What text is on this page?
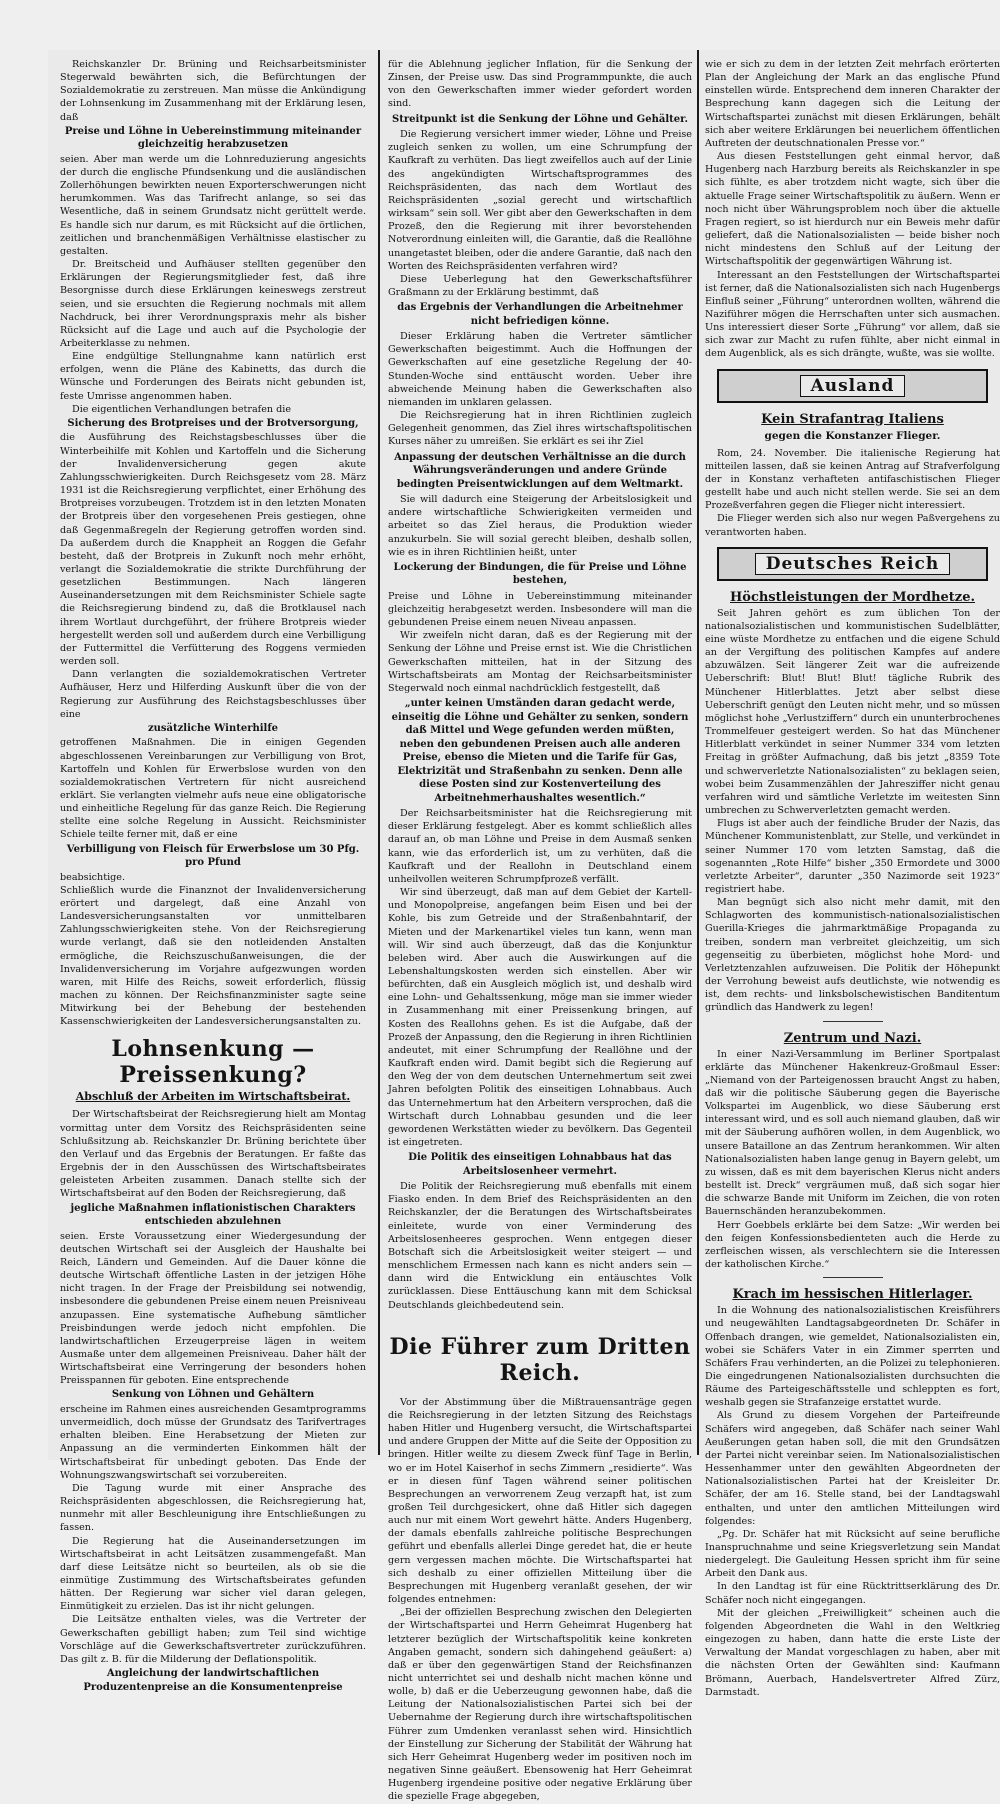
Reichskanzler Dr. Brüning und Reichsarbeitsminister Stegerwald bewährten sich, die Befürchtungen der Sozialdemokratie zu zerstreuen. Man müsse die Ankündigung der Lohnsenkung im Zusammenhang mit der Erklärung lesen, daß

Preise und Löhne in Uebereinstimmung miteinander gleichzeitig herabzusetzen

seien. Aber man werde um die Lohnreduzierung angesichts der durch die englische Pfundsenkung und die ausländischen Zollerhöhungen bewirkten neuen Exporterschwerungen nicht herumkommen. Was das Tarifrecht anlange, so sei das Wesentliche, daß in seinem Grundsatz nicht gerüttelt werde. Es handle sich nur darum, es mit Rücksicht auf die örtlichen, zeitlichen und branchenmäßigen Verhältnisse elastischer zu gestalten.

Dr. Breitscheid und Aufhäuser stellten gegenüber den Erklärungen der Regierungsmitglieder fest, daß ihre Besorgnisse durch diese Erklärungen keineswegs zerstreut seien, und sie ersuchten die Regierung nochmals mit allem Nachdruck, bei ihrer Verordnungspraxis mehr als bisher Rücksicht auf die Lage und auch auf die Psychologie der Arbeiterklasse zu nehmen.

Eine endgültige Stellungnahme kann natürlich erst erfolgen, wenn die Pläne des Kabinetts, das durch die Wünsche und Forderungen des Beirats nicht gebunden ist, feste Umrisse angenommen haben.

Die eigentlichen Verhandlungen betrafen die

Sicherung des Brotpreises und der Brotversorgung,

die Ausführung des Reichstagsbeschlusses über die Winterbeihilfe mit Kohlen und Kartoffeln und die Sicherung der Invalidenversicherung gegen akute Zahlungsschwierigkeiten. Durch Reichsgesetz vom 28. März 1931 ist die Reichsregierung verpflichtet, einer Erhöhung des Brotpreises vorzubeugen. Trotzdem ist in den letzten Monaten der Brotpreis über den vorgesehenen Preis gestiegen, ohne daß Gegenmaßregeln der Regierung getroffen worden sind. Da außerdem durch die Knappheit an Roggen die Gefahr besteht, daß der Brotpreis in Zukunft noch mehr erhöht, verlangt die Sozialdemokratie die strikte Durchführung der gesetzlichen Bestimmungen. Nach längeren Auseinandersetzungen mit dem Reichsminister Schiele sagte die Reichsregierung bindend zu, daß die Brotklausel nach ihrem Wortlaut durchgeführt, der frühere Brotpreis wieder hergestellt werden soll und außerdem durch eine Verbilligung der Futtermittel die Verfütterung des Roggens vermieden werden soll.

Dann verlangten die sozialdemokratischen Vertreter Aufhäuser, Herz und Hilferding Auskunft über die von der Regierung zur Ausführung des Reichstagsbeschlusses über eine

zusätzliche Winterhilfe

getroffenen Maßnahmen. Die in einigen Gegenden abgeschlossenen Vereinbarungen zur Verbilligung von Brot, Kartoffeln und Kohlen für Erwerbslose wurden von den sozialdemokratischen Vertretern für nicht ausreichend erklärt. Sie verlangten vielmehr aufs neue eine obligatorische und einheitliche Regelung für das ganze Reich. Die Regierung stellte eine solche Regelung in Aussicht. Reichsminister Schiele teilte ferner mit, daß er eine

Verbilligung von Fleisch für Erwerbslose um 30 Pfg. pro Pfund

beabsichtige.

Schließlich wurde die Finanznot der Invalidenversicherung erörtert und dargelegt, daß eine Anzahl von Landesversicherungsanstalten vor unmittelbaren Zahlungsschwierigkeiten stehe. Von der Reichsregierung wurde verlangt, daß sie den notleidenden Anstalten ermögliche, die Reichszuschußanweisungen, die der Invalidenversicherung im Vorjahre aufgezwungen worden waren, mit Hilfe des Reichs, soweit erforderlich, flüssig machen zu können. Der Reichsfinanzminister sagte seine Mitwirkung bei der Behebung der bestehenden Kassenschwierigkeiten der Landesversicherungsanstalten zu.

Lohnsenkung — Preissenkung?
Abschluß der Arbeiten im Wirtschaftsbeirat.

Der Wirtschaftsbeirat der Reichsregierung hielt am Montag vormittag unter dem Vorsitz des Reichspräsidenten seine Schlußsitzung ab. Reichskanzler Dr. Brüning berichtete über den Verlauf und das Ergebnis der Beratungen. Er faßte das Ergebnis der in den Ausschüssen des Wirtschaftsbeirates geleisteten Arbeiten zusammen. Danach stellte sich der Wirtschaftsbeirat auf den Boden der Reichsregierung, daß

jegliche Maßnahmen inflationistischen Charakters entschieden abzulehnen

seien. Erste Voraussetzung einer Wiedergesundung der deutschen Wirtschaft sei der Ausgleich der Haushalte bei Reich, Ländern und Gemeinden. Auf die Dauer könne die deutsche Wirtschaft öffentliche Lasten in der jetzigen Höhe nicht tragen. In der Frage der Preisbildung sei notwendig, insbesondere die gebundenen Preise einem neuen Preisniveau anzupassen. Eine systematische Aufhebung sämtlicher Preisbindungen werde jedoch nicht empfohlen. Die landwirtschaftlichen Erzeugerpreise lägen in weitem Ausmaße unter dem allgemeinen Preisniveau. Daher hält der Wirtschaftsbeirat eine Verringerung der besonders hohen Preisspannen für geboten. Eine entsprechende

Senkung von Löhnen und Gehältern

erscheine im Rahmen eines ausreichenden Gesamtprogramms unvermeidlich, doch müsse der Grundsatz des Tarifvertrages erhalten bleiben. Eine Herabsetzung der Mieten zur Anpassung an die verminderten Einkommen hält der Wirtschaftsbeirat für unbedingt geboten. Das Ende der Wohnungszwangswirtschaft sei vorzubereiten.

Die Tagung wurde mit einer Ansprache des Reichspräsidenten abgeschlossen, die Reichsregierung hat, nunmehr mit aller Beschleunigung ihre Entschließungen zu fassen.

Die Regierung hat die Auseinandersetzungen im Wirtschaftsbeirat in acht Leitsätzen zusammengefaßt. Man darf diese Leitsätze nicht so beurteilen, als ob sie die einmütige Zustimmung des Wirtschaftsbeirates gefunden hätten. Der Regierung war sicher viel daran gelegen, Einmütigkeit zu erzielen. Das ist ihr nicht gelungen.

Die Leitsätze enthalten vieles, was die Vertreter der Gewerkschaften gebilligt haben; zum Teil sind wichtige Vorschläge auf die Gewerkschaftsvertreter zurückzuführen. Das gilt z. B. für die Milderung der Deflationspolitik.

Angleichung der landwirtschaftlichen Produzentenpreise an die Konsumentenpreise

für die Ablehnung jeglicher Inflation, für die Senkung der Zinsen, der Preise usw. Das sind Programmpunkte, die auch von den Gewerkschaften immer wieder gefordert worden sind.

Streitpunkt ist die Senkung der Löhne und Gehälter.

Die Regierung versichert immer wieder, Löhne und Preise zugleich senken zu wollen, um eine Schrumpfung der Kaufkraft zu verhüten. Das liegt zweifellos auch auf der Linie des angekündigten Wirtschaftsprogrammes des Reichspräsidenten, das nach dem Wortlaut des Reichspräsidenten „sozial gerecht und wirtschaftlich wirksam“ sein soll. Wer gibt aber den Gewerkschaften in dem Prozeß, den die Regierung mit ihrer bevorstehenden Notverordnung einleiten will, die Garantie, daß die Reallöhne unangetastet bleiben, oder die andere Garantie, daß nach den Worten des Reichspräsidenten verfahren wird?

Diese Ueberlegung hat den Gewerkschaftsführer Graßmann zu der Erklärung bestimmt, daß

das Ergebnis der Verhandlungen die Arbeitnehmer nicht befriedigen könne.

Dieser Erklärung haben die Vertreter sämtlicher Gewerkschaften beigestimmt. Auch die Hoffnungen der Gewerkschaften auf eine gesetzliche Regelung der 40-Stunden-Woche sind enttäuscht worden. Ueber ihre abweichende Meinung haben die Gewerkschaften also niemanden im unklaren gelassen.

Die Reichsregierung hat in ihren Richtlinien zugleich Gelegenheit genommen, das Ziel ihres wirtschaftspolitischen Kurses näher zu umreißen. Sie erklärt es sei ihr Ziel

Anpassung der deutschen Verhältnisse an die durch Währungsveränderungen und andere Gründe bedingten Preisentwicklungen auf dem Weltmarkt.

Sie will dadurch eine Steigerung der Arbeitslosigkeit und andere wirtschaftliche Schwierigkeiten vermeiden und arbeitet so das Ziel heraus, die Produktion wieder anzukurbeln. Sie will sozial gerecht bleiben, deshalb sollen, wie es in ihren Richtlinien heißt, unter

Lockerung der Bindungen, die für Preise und Löhne bestehen,

Preise und Löhne in Uebereinstimmung miteinander gleichzeitig herabgesetzt werden. Insbesondere will man die gebundenen Preise einem neuen Niveau anpassen.

Wir zweifeln nicht daran, daß es der Regierung mit der Senkung der Löhne und Preise ernst ist. Wie die Christlichen Gewerkschaften mitteilen, hat in der Sitzung des Wirtschaftsbeirats am Montag der Reichsarbeitsminister Stegerwald noch einmal nachdrücklich festgestellt, daß

„unter keinen Umständen daran gedacht werde, einseitig die Löhne und Gehälter zu senken, sondern daß Mittel und Wege gefunden werden müßten, neben den gebundenen Preisen auch alle anderen Preise, ebenso die Mieten und die Tarife für Gas, Elektrizität und Straßenbahn zu senken. Denn alle diese Posten sind zur Kostenverteilung des Arbeitnehmerhaushaltes wesentlich.“

Der Reichsarbeitsminister hat die Reichsregierung mit dieser Erklärung festgelegt. Aber es kommt schließlich alles darauf an, ob man Löhne und Preise in dem Ausmaß senken kann, wie das erforderlich ist, um zu verhüten, daß die Kaufkraft und der Reallohn in Deutschland einem unheilvollen weiteren Schrumpfprozeß verfällt.

Wir sind überzeugt, daß man auf dem Gebiet der Kartell- und Monopolpreise, angefangen beim Eisen und bei der Kohle, bis zum Getreide und der Straßenbahntarif, der Mieten und der Markenartikel vieles tun kann, wenn man will. Wir sind auch überzeugt, daß das die Konjunktur beleben wird. Aber auch die Auswirkungen auf die Lebenshaltungskosten werden sich einstellen. Aber wir befürchten, daß ein Ausgleich möglich ist, und deshalb wird eine Lohn- und Gehaltssenkung, möge man sie immer wieder in Zusammenhang mit einer Preissenkung bringen, auf Kosten des Reallohns gehen. Es ist die Aufgabe, daß der Prozeß der Anpassung, den die Regierung in ihren Richtlinien andeutet, mit einer Schrumpfung der Reallöhne und der Kaufkraft enden wird. Damit begibt sich die Regierung auf den Weg der von dem deutschen Unternehmertum seit zwei Jahren befolgten Politik des einseitigen Lohnabbaus. Auch das Unternehmertum hat den Arbeitern versprochen, daß die Wirtschaft durch Lohnabbau gesunden und die leer gewordenen Werkstätten wieder zu bevölkern. Das Gegenteil ist eingetreten.

Die Politik des einseitigen Lohnabbaus hat das Arbeitslosenheer vermehrt.

Die Politik der Reichsregierung muß ebenfalls mit einem Fiasko enden. In dem Brief des Reichspräsidenten an den Reichskanzler, der die Beratungen des Wirtschaftsbeirates einleitete, wurde von einer Verminderung des Arbeitslosenheeres gesprochen. Wenn entgegen dieser Botschaft sich die Arbeitslosigkeit weiter steigert — und menschlichem Ermessen nach kann es nicht anders sein — dann wird die Entwicklung ein entäuschtes Volk zurücklassen. Diese Enttäuschung kann mit dem Schicksal Deutschlands gleichbedeutend sein.

Die Führer zum Dritten Reich.

Vor der Abstimmung über die Mißtrauensanträge gegen die Reichsregierung in der letzten Sitzung des Reichstags haben Hitler und Hugenberg versucht, die Wirtschaftspartei und andere Gruppen der Mitte auf die Seite der Opposition zu bringen. Hitler weilte zu diesem Zweck fünf Tage in Berlin, wo er im Hotel Kaiserhof in sechs Zimmern „residierte“. Was er in diesen fünf Tagen während seiner politischen Besprechungen an verworrenem Zeug verzapft hat, ist zum großen Teil durchgesickert, ohne daß Hitler sich dagegen auch nur mit einem Wort gewehrt hätte. Anders Hugenberg, der damals ebenfalls zahlreiche politische Besprechungen geführt und ebenfalls allerlei Dinge geredet hat, die er heute gern vergessen machen möchte. Die Wirtschaftspartei hat sich deshalb zu einer offiziellen Mitteilung über die Besprechungen mit Hugenberg veranlaßt gesehen, der wir folgendes entnehmen:

„Bei der offiziellen Besprechung zwischen den Delegierten der Wirtschaftspartei und Herrn Geheimrat Hugenberg hat letzterer bezüglich der Wirtschaftspolitik keine konkreten Angaben gemacht, sondern sich dahingehend geäußert: a) daß er über den gegenwärtigen Stand der Reichsfinanzen nicht unterrichtet sei und deshalb nicht machen könne und wolle, b) daß er die Ueberzeugung gewonnen habe, daß die Leitung der Nationalsozialistischen Partei sich bei der Uebernahme der Regierung durch ihre wirtschaftspolitischen Führer zum Umdenken veranlasst sehen wird. Hinsichtlich der Einstellung zur Sicherung der Stabilität der Währung hat sich Herr Geheimrat Hugenberg weder im positiven noch im negativen Sinne geäußert. Ebensowenig hat Herr Geheimrat Hugenberg irgendeine positive oder negative Erklärung über die spezielle Frage abgegeben,

wie er sich zu dem in der letzten Zeit mehrfach erörterten Plan der Angleichung der Mark an das englische Pfund einstellen würde. Entsprechend dem inneren Charakter der Besprechung kann dagegen sich die Leitung der Wirtschaftspartei zunächst mit diesen Erklärungen, behält sich aber weitere Erklärungen bei neuerlichem öffentlichen Auftreten der deutschnationalen Presse vor.“

Aus diesen Feststellungen geht einmal hervor, daß Hugenberg nach Harzburg bereits als Reichskanzler in spe sich fühlte, es aber trotzdem nicht wagte, sich über die aktuelle Frage seiner Wirtschaftspolitik zu äußern. Wenn er noch nicht über Währungsproblem noch über die aktuelle Fragen regiert, so ist hierdurch nur ein Beweis mehr dafür geliefert, daß die Nationalsozialisten — beide bisher noch nicht mindestens den Schluß auf der Leitung der Wirtschaftspolitik der gegenwärtigen Währung ist.

Interessant an den Feststellungen der Wirtschaftspartei ist ferner, daß die Nationalsozialisten sich nach Hugenbergs Einfluß seiner „Führung“ unterordnen wollten, während die Naziführer mögen die Herrschaften unter sich ausmachen. Uns interessiert dieser Sorte „Führung“ vor allem, daß sie sich zwar zur Macht zu rufen fühlte, aber nicht einmal in dem Augenblick, als es sich drängte, wußte, was sie wollte.

Ausland
Kein Strafantrag Italiens
gegen die Konstanzer Flieger.

Rom, 24. November. Die italienische Regierung hat mitteilen lassen, daß sie keinen Antrag auf Strafverfolgung der in Konstanz verhafteten antifaschistischen Flieger gestellt habe und auch nicht stellen werde. Sie sei an dem Prozeßverfahren gegen die Flieger nicht interessiert.

Die Flieger werden sich also nur wegen Paßvergehens zu verantworten haben.

Deutsches Reich
Höchstleistungen der Mordhetze.

Seit Jahren gehört es zum üblichen Ton der nationalsozialistischen und kommunistischen Sudelblätter, eine wüste Mordhetze zu entfachen und die eigene Schuld an der Vergiftung des politischen Kampfes auf andere abzuwälzen. Seit längerer Zeit war die aufreizende Ueberschrift: Blut! Blut! Blut! tägliche Rubrik des Münchener Hitlerblattes. Jetzt aber selbst diese Ueberschrift genügt den Leuten nicht mehr, und so müssen möglichst hohe „Verlustziffern“ durch ein ununterbrochenes Trommelfeuer gesteigert werden. So hat das Münchener Hitlerblatt verkündet in seiner Nummer 334 vom letzten Freitag in größter Aufmachung, daß bis jetzt „8359 Tote und schwerverletzte Nationalsozialisten“ zu beklagen seien, wobei beim Zusammenzählen der Jahresziffer nicht genau verfahren wird und sämtliche Verletzte im weitesten Sinn umbrechen zu Schwerverletzten gemacht werden.

Flugs ist aber auch der feindliche Bruder der Nazis, das Münchener Kommunistenblatt, zur Stelle, und verkündet in seiner Nummer 170 vom letzten Samstag, daß die sogenannten „Rote Hilfe“ bisher „350 Ermordete und 3000 verletzte Arbeiter“, darunter „350 Nazimorde seit 1923“ registriert habe.

Man begnügt sich also nicht mehr damit, mit den Schlagworten des kommunistisch-nationalsozialistischen Guerilla-Krieges die jahrmarktmäßige Propaganda zu treiben, sondern man verbreitet gleichzeitig, um sich gegenseitig zu überbieten, möglichst hohe Mord- und Verletztenzahlen aufzuweisen. Die Politik der Höhepunkt der Verrohung beweist aufs deutlichste, wie notwendig es ist, dem rechts- und linksbolschewistischen Banditentum gründlich das Handwerk zu legen!

Zentrum und Nazi.

In einer Nazi-Versammlung im Berliner Sportpalast erklärte das Münchener Hakenkreuz-Großmaul Esser: „Niemand von der Parteigenossen braucht Angst zu haben, daß wir die politische Säuberung gegen die Bayerische Volkspartei im Augenblick, wo diese Säuberung erst interessant wird, und es soll auch niemand glauben, daß wir mit der Säuberung aufhören wollen, in dem Augenblick, wo unsere Bataillone an das Zentrum herankommen. Wir alten Nationalsozialisten haben lange genug in Bayern gelebt, um zu wissen, daß es mit dem bayerischen Klerus nicht anders bestellt ist. Dreck“ vergräumen muß, daß sich sogar hier die schwarze Bande mit Uniform im Zeichen, die von roten Bauernschänden heranzubekommen.

Herr Goebbels erklärte bei dem Satze: „Wir werden bei den feigen Konfessionsbedienteten auch die Herde zu zerfleischen wissen, als verschlechtern sie die Interessen der katholischen Kirche.“

Krach im hessischen Hitlerlager.

In die Wohnung des nationalsozialistischen Kreisführers und neugewählten Landtagsabgeordneten Dr. Schäfer in Offenbach drangen, wie gemeldet, Nationalsozialisten ein, wobei sie Schäfers Vater in ein Zimmer sperrten und Schäfers Frau verhinderten, an die Polizei zu telephonieren. Die eingedrungenen Nationalsozialisten durchsuchten die Räume des Parteigeschäftsstelle und schleppten es fort, weshalb gegen sie Strafanzeige erstattet wurde.

Als Grund zu diesem Vorgehen der Parteifreunde Schäfers wird angegeben, daß Schäfer nach seiner Wahl Aeußerungen getan haben soll, die mit den Grundsätzen der Partei nicht vereinbar seien. Im Nationalsozialistischen Hessenhammer unter den gewählten Abgeordneten der Nationalsozialistischen Partei hat der Kreisleiter Dr. Schäfer, der am 16. Stelle stand, bei der Landtagswahl enthalten, und unter den amtlichen Mitteilungen wird folgendes:

„Pg. Dr. Schäfer hat mit Rücksicht auf seine berufliche Inanspruchnahme und seine Kriegsverletzung sein Mandat niedergelegt. Die Gauleitung Hessen spricht ihm für seine Arbeit den Dank aus.

In den Landtag ist für eine Rücktrittserklärung des Dr. Schäfer noch nicht eingegangen.

Mit der gleichen „Freiwilligkeit“ scheinen auch die folgenden Abgeordneten die Wahl in den Weltkrieg eingezogen zu haben, dann hatte die erste Liste der Verwaltung der Mandat vorgeschlagen zu haben, aber mit die nächsten Orten der Gewählten sind: Kaufmann Brömann, Auerbach, Handelsvertreter Alfred Zürz, Darmstadt.
